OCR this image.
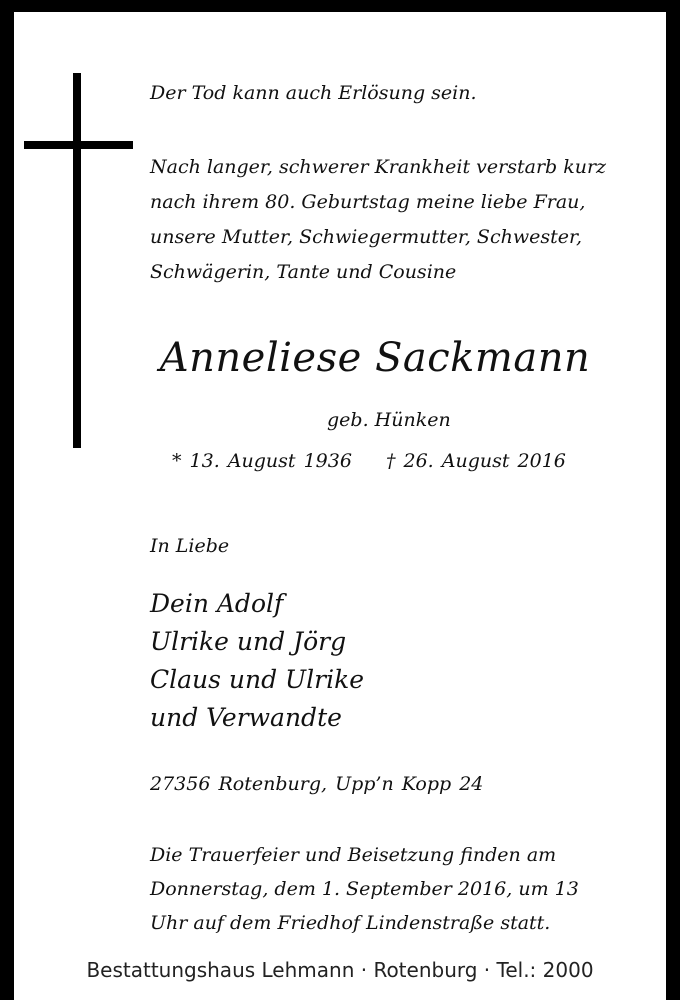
Der Tod kann auch Erlösung sein.
Nach langer, schwerer Krankheit verstarb kurz
nach ihrem 80. Geburtstag meine liebe Frau,
unsere Mutter, Schwiegermutter, Schwester,
Schwägerin, Tante und Cousine
Anneliese Sackmann
geb. Hünken
* 13. August 1936 † 26. August 2016
In Liebe
Dein Adolf
Ulrike und Jörg
Claus und Ulrike
und Verwandte
27356 Rotenburg, Upp’n Kopp 24
Die Trauerfeier und Beisetzung finden am
Donnerstag, dem 1. September 2016, um 13
Uhr auf dem Friedhof Lindenstraße statt.
Bestattungshaus Lehmann · Rotenburg · Tel.: 2000
